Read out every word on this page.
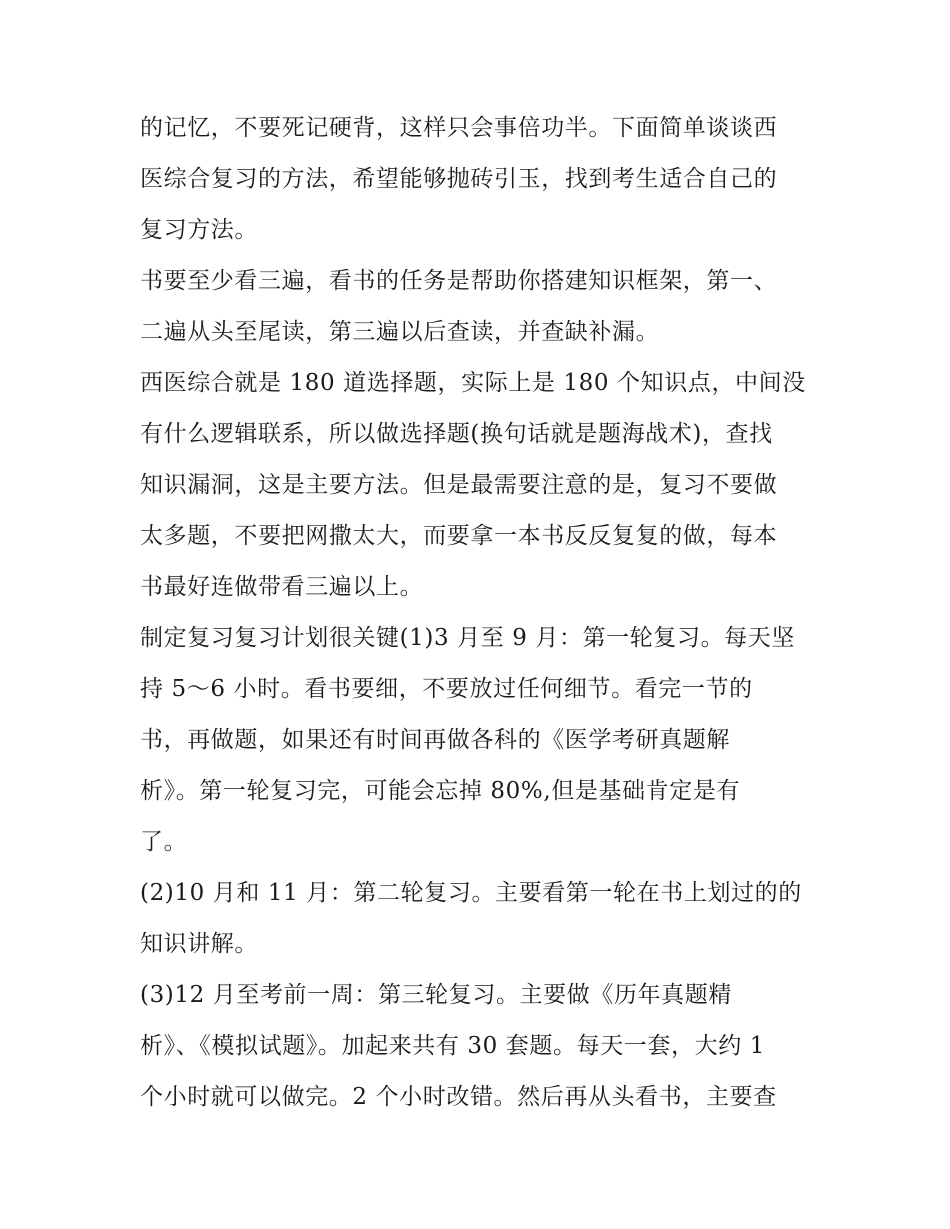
的记忆，不要死记硬背，这样只会事倍功半。下面简单谈谈西
医综合复习的方法，希望能够抛砖引玉，找到考生适合自己的
复习方法。
书要至少看三遍，看书的任务是帮助你搭建知识框架，第一、
二遍从头至尾读，第三遍以后查读，并查缺补漏。
西医综合就是 180 道选择题，实际上是 180 个知识点，中间没
有什么逻辑联系，所以做选择题(换句话就是题海战术)，查找
知识漏洞，这是主要方法。但是最需要注意的是，复习不要做
太多题，不要把网撒太大，而要拿一本书反反复复的做，每本
书最好连做带看三遍以上。
制定复习复习计划很关键(1)3 月至 9 月：第一轮复习。每天坚
持 5～6 小时。看书要细，不要放过任何细节。看完一节的
书，再做题，如果还有时间再做各科的《医学考研真题解
析》。第一轮复习完，可能会忘掉 80%,但是基础肯定是有
了。
(2)10 月和 11 月：第二轮复习。主要看第一轮在书上划过的的
知识讲解。
(3)12 月至考前一周：第三轮复习。主要做《历年真题精
析》、《模拟试题》。加起来共有 30 套题。每天一套，大约 1
个小时就可以做完。2 个小时改错。然后再从头看书，主要查
